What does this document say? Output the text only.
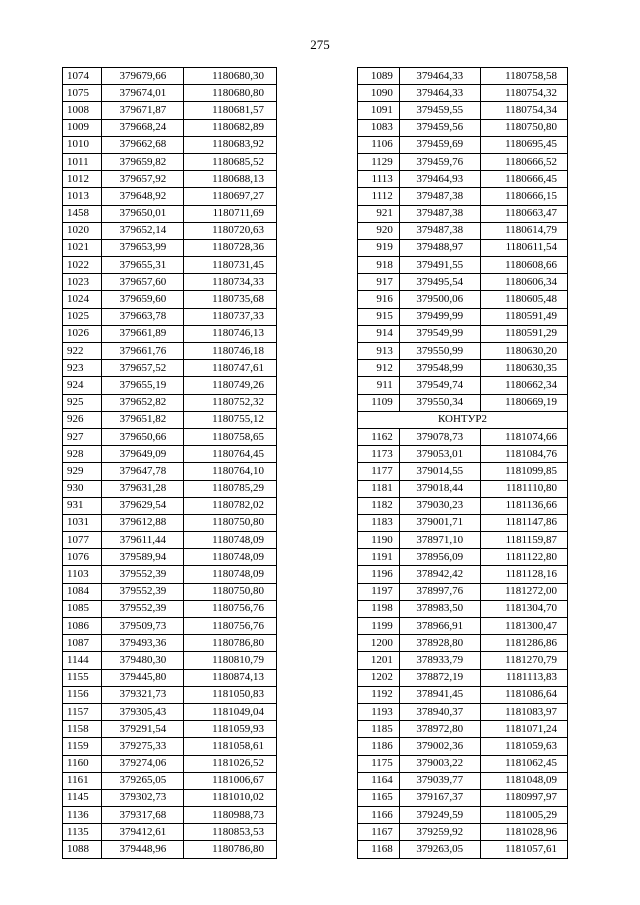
275
1074	379679,66	1180680,30
1075	379674,01	1180680,80
1008	379671,87	1180681,57
1009	379668,24	1180682,89
1010	379662,68	1180683,92
1011	379659,82	1180685,52
1012	379657,92	1180688,13
1013	379648,92	1180697,27
1458	379650,01	1180711,69
1020	379652,14	1180720,63
1021	379653,99	1180728,36
1022	379655,31	1180731,45
1023	379657,60	1180734,33
1024	379659,60	1180735,68
1025	379663,78	1180737,33
1026	379661,89	1180746,13
922	379661,76	1180746,18
923	379657,52	1180747,61
924	379655,19	1180749,26
925	379652,82	1180752,32
926	379651,82	1180755,12
927	379650,66	1180758,65
928	379649,09	1180764,45
929	379647,78	1180764,10
930	379631,28	1180785,29
931	379629,54	1180782,02
1031	379612,88	1180750,80
1077	379611,44	1180748,09
1076	379589,94	1180748,09
1103	379552,39	1180748,09
1084	379552,39	1180750,80
1085	379552,39	1180756,76
1086	379509,73	1180756,76
1087	379493,36	1180786,80
1144	379480,30	1180810,79
1155	379445,80	1180874,13
1156	379321,73	1181050,83
1157	379305,43	1181049,04
1158	379291,54	1181059,93
1159	379275,33	1181058,61
1160	379274,06	1181026,52
1161	379265,05	1181006,67
1145	379302,73	1181010,02
1136	379317,68	1180988,73
1135	379412,61	1180853,53
1088	379448,96	1180786,80
1089	379464,33	1180758,58
1090	379464,33	1180754,32
1091	379459,55	1180754,34
1083	379459,56	1180750,80
1106	379459,69	1180695,45
1129	379459,76	1180666,52
1113	379464,93	1180666,45
1112	379487,38	1180666,15
921	379487,38	1180663,47
920	379487,38	1180614,79
919	379488,97	1180611,54
918	379491,55	1180608,66
917	379495,54	1180606,34
916	379500,06	1180605,48
915	379499,99	1180591,49
914	379549,99	1180591,29
913	379550,99	1180630,20
912	379548,99	1180630,35
911	379549,74	1180662,34
1109	379550,34	1180669,19
КОНТУР2		
1162	379078,73	1181074,66
1173	379053,01	1181084,76
1177	379014,55	1181099,85
1181	379018,44	1181110,80
1182	379030,23	1181136,66
1183	379001,71	1181147,86
1190	378971,10	1181159,87
1191	378956,09	1181122,80
1196	378942,42	1181128,16
1197	378997,76	1181272,00
1198	378983,50	1181304,70
1199	378966,91	1181300,47
1200	378928,80	1181286,86
1201	378933,79	1181270,79
1202	378872,19	1181113,83
1192	378941,45	1181086,64
1193	378940,37	1181083,97
1185	378972,80	1181071,24
1186	379002,36	1181059,63
1175	379003,22	1181062,45
1164	379039,77	1181048,09
1165	379167,37	1180997,97
1166	379249,59	1181005,29
1167	379259,92	1181028,96
1168	379263,05	1181057,61
